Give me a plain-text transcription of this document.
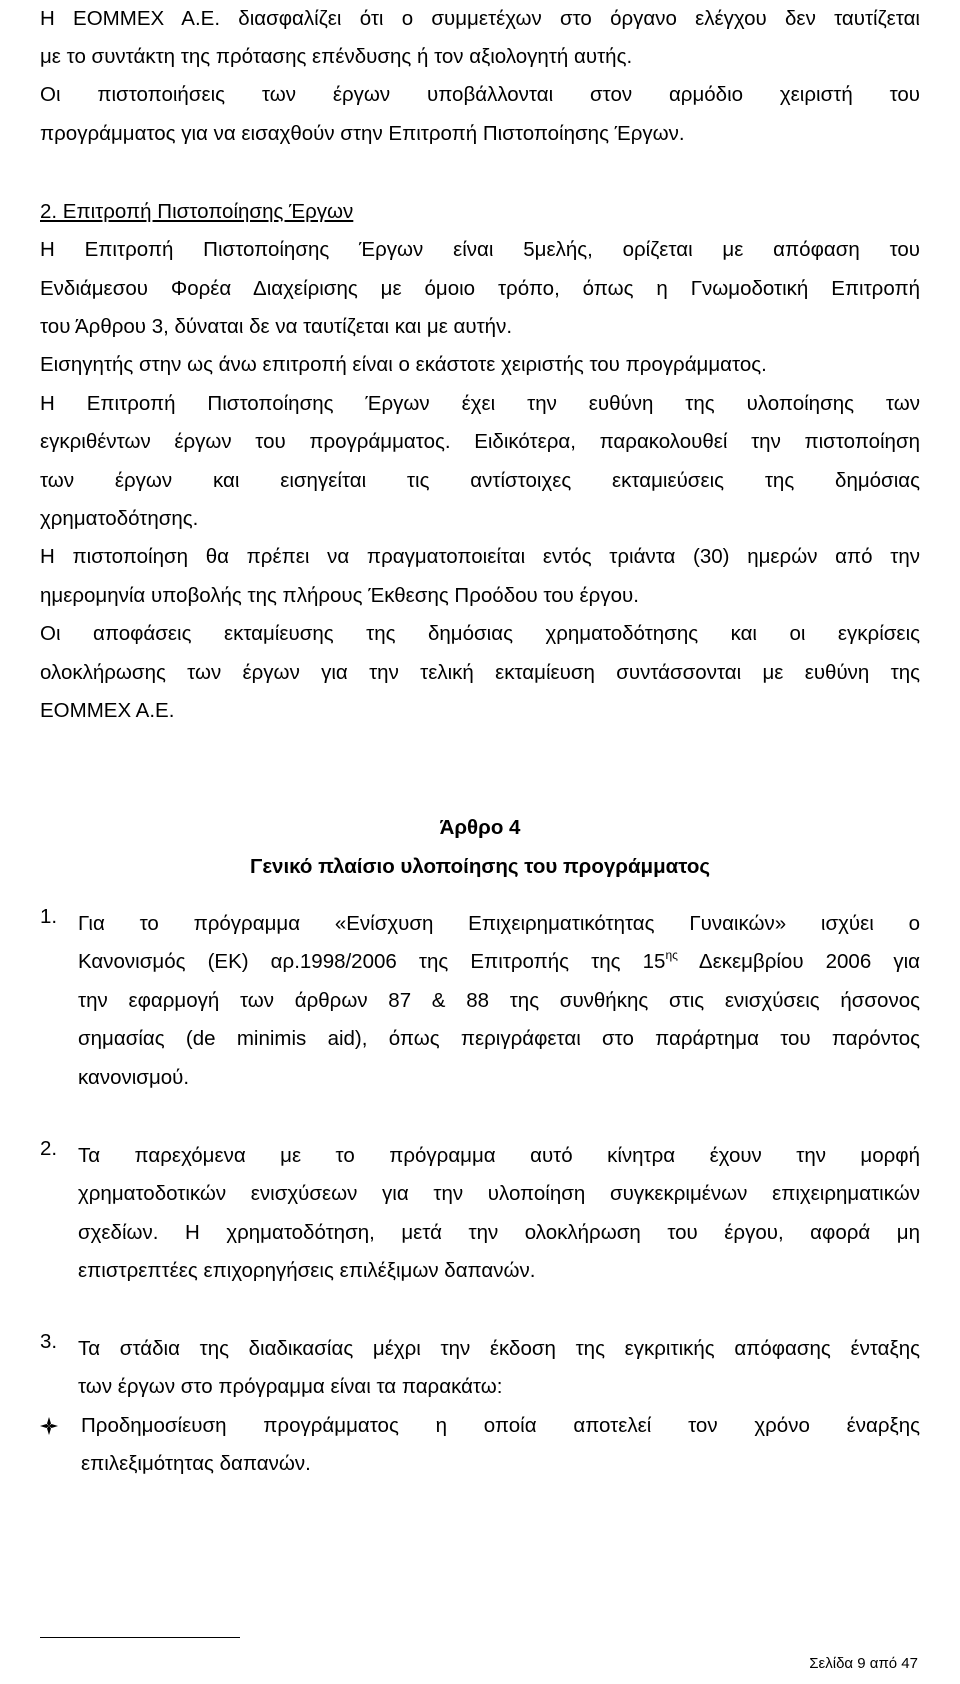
Η ΕΟΜΜΕΧ Α.Ε. διασφαλίζει ότι ο συμμετέχων στο όργανο ελέγχου δεν ταυτίζεται

με το συντάκτη της πρότασης επένδυσης ή τον αξιολογητή αυτής.

Οι πιστοποιήσεις των έργων υποβάλλονται στον αρμόδιο χειριστή του

προγράμματος για να εισαχθούν στην Επιτροπή Πιστοποίησης Έργων.

2. Επιτροπή Πιστοποίησης Έργων

Η Επιτροπή Πιστοποίησης Έργων είναι 5μελής, ορίζεται με απόφαση του

Ενδιάμεσου Φορέα Διαχείρισης με όμοιο τρόπο, όπως η Γνωμοδοτική Επιτροπή

του Άρθρου 3, δύναται δε να ταυτίζεται και με αυτήν.

Εισηγητής στην ως άνω επιτροπή είναι ο εκάστοτε χειριστής του προγράμματος.

Η Επιτροπή Πιστοποίησης Έργων έχει την ευθύνη της υλοποίησης των

εγκριθέντων έργων του προγράμματος. Ειδικότερα, παρακολουθεί την πιστοποίηση

των έργων και εισηγείται τις αντίστοιχες εκταμιεύσεις της δημόσιας

χρηματοδότησης.

Η πιστοποίηση θα πρέπει να πραγματοποιείται εντός τριάντα (30) ημερών από την

ημερομηνία υποβολής της πλήρους Έκθεσης Προόδου του έργου.

Οι αποφάσεις εκταμίευσης της δημόσιας χρηματοδότησης και οι εγκρίσεις

ολοκλήρωσης των έργων για την τελική εκταμίευση συντάσσονται με ευθύνη της

ΕΟΜΜΕΧ Α.Ε.

Άρθρο 4

Γενικό πλαίσιο υλοποίησης του προγράμματος

1. Για το πρόγραμμα «Ενίσχυση Επιχειρηματικότητας Γυναικών» ισχύει ο

Κανονισμός (ΕΚ) αρ.1998/2006 της Επιτροπής της $15^{\eta\varsigma}$ Δεκεμβρίου 2006 για

την εφαρμογή των άρθρων 87 & 88 της συνθήκης στις ενισχύσεις ήσσονος

σημασίας (de minimis aid), όπως περιγράφεται στο παράρτημα του παρόντος

κανονισμού.

2. Τα παρεχόμενα με το πρόγραμμα αυτό κίνητρα έχουν την μορφή

χρηματοδοτικών ενισχύσεων για την υλοποίηση συγκεκριμένων επιχειρηματικών

σχεδίων. Η χρηματοδότηση, μετά την ολοκλήρωση του έργου, αφορά μη

επιστρεπτέες επιχορηγήσεις επιλέξιμων δαπανών.

3. Τα στάδια της διαδικασίας μέχρι την έκδοση της εγκριτικής απόφασης ένταξης

των έργων στο πρόγραμμα είναι τα παρακάτω:

Προδημοσίευση προγράμματος η οποία αποτελεί τον χρόνο έναρξης

επιλεξιμότητας δαπανών.

Σελίδα 9 από 47
